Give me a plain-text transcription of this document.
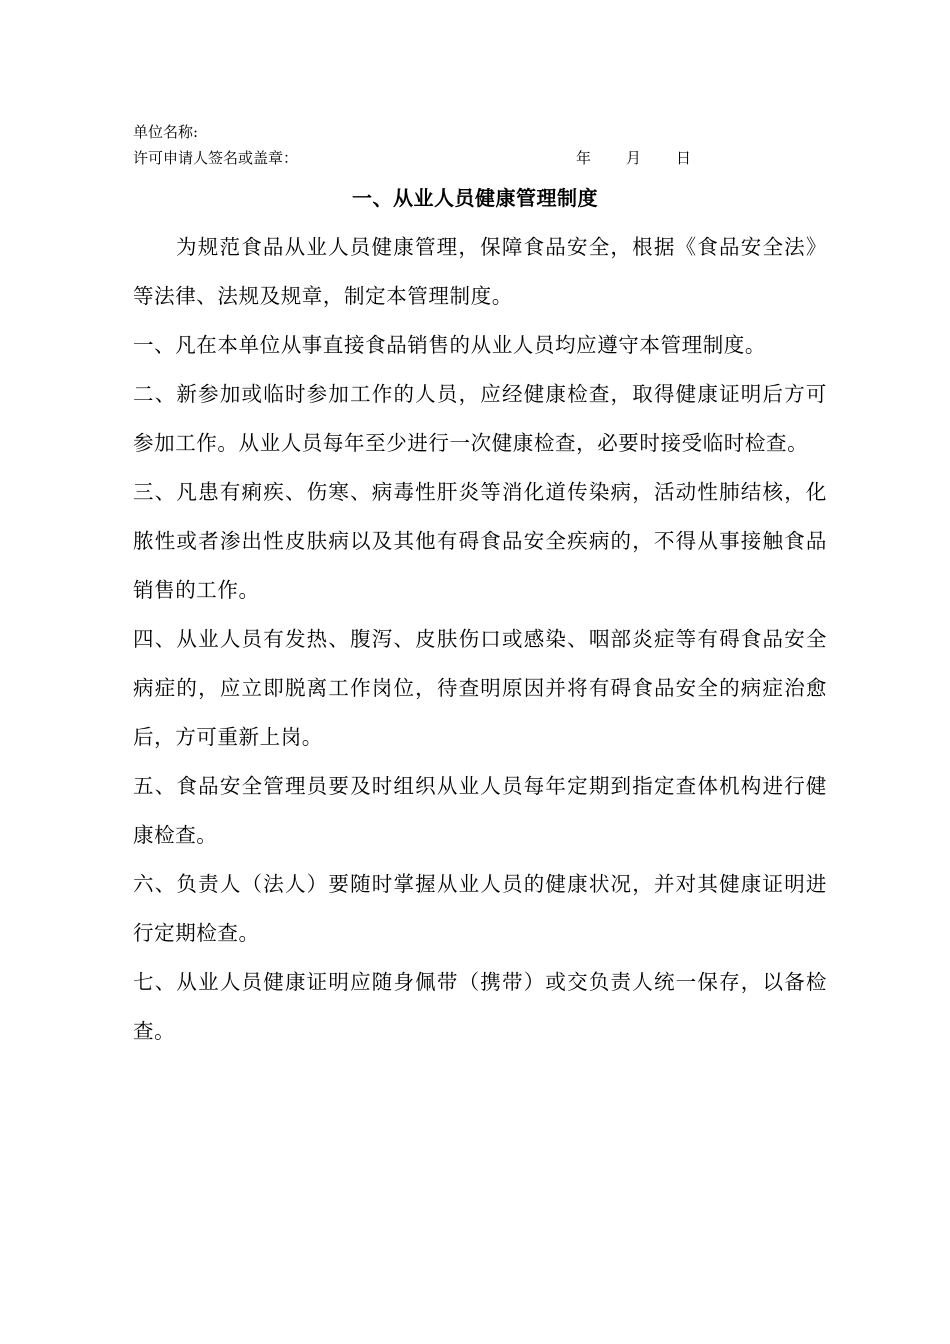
单位名称:
许可申请人签名或盖章：	年 月 日
一、从业人员健康管理制度

为规范食品从业人员健康管理，保障食品安全，根据《食品安全法》等法律、法规及规章，制定本管理制度。

一、凡在本单位从事直接食品销售的从业人员均应遵守本管理制度。

二、新参加或临时参加工作的人员，应经健康检查，取得健康证明后方可参加工作。从业人员每年至少进行一次健康检查，必要时接受临时检查。

三、凡患有痢疾、伤寒、病毒性肝炎等消化道传染病，活动性肺结核，化脓性或者渗出性皮肤病以及其他有碍食品安全疾病的，不得从事接触食品销售的工作。

四、从业人员有发热、腹泻、皮肤伤口或感染、咽部炎症等有碍食品安全病症的，应立即脱离工作岗位，待查明原因并将有碍食品安全的病症治愈后，方可重新上岗。

五、食品安全管理员要及时组织从业人员每年定期到指定查体机构进行健康检查。

六、负责人（法人）要随时掌握从业人员的健康状况，并对其健康证明进行定期检查。

七、从业人员健康证明应随身佩带（携带）或交负责人统一保存，以备检查。
